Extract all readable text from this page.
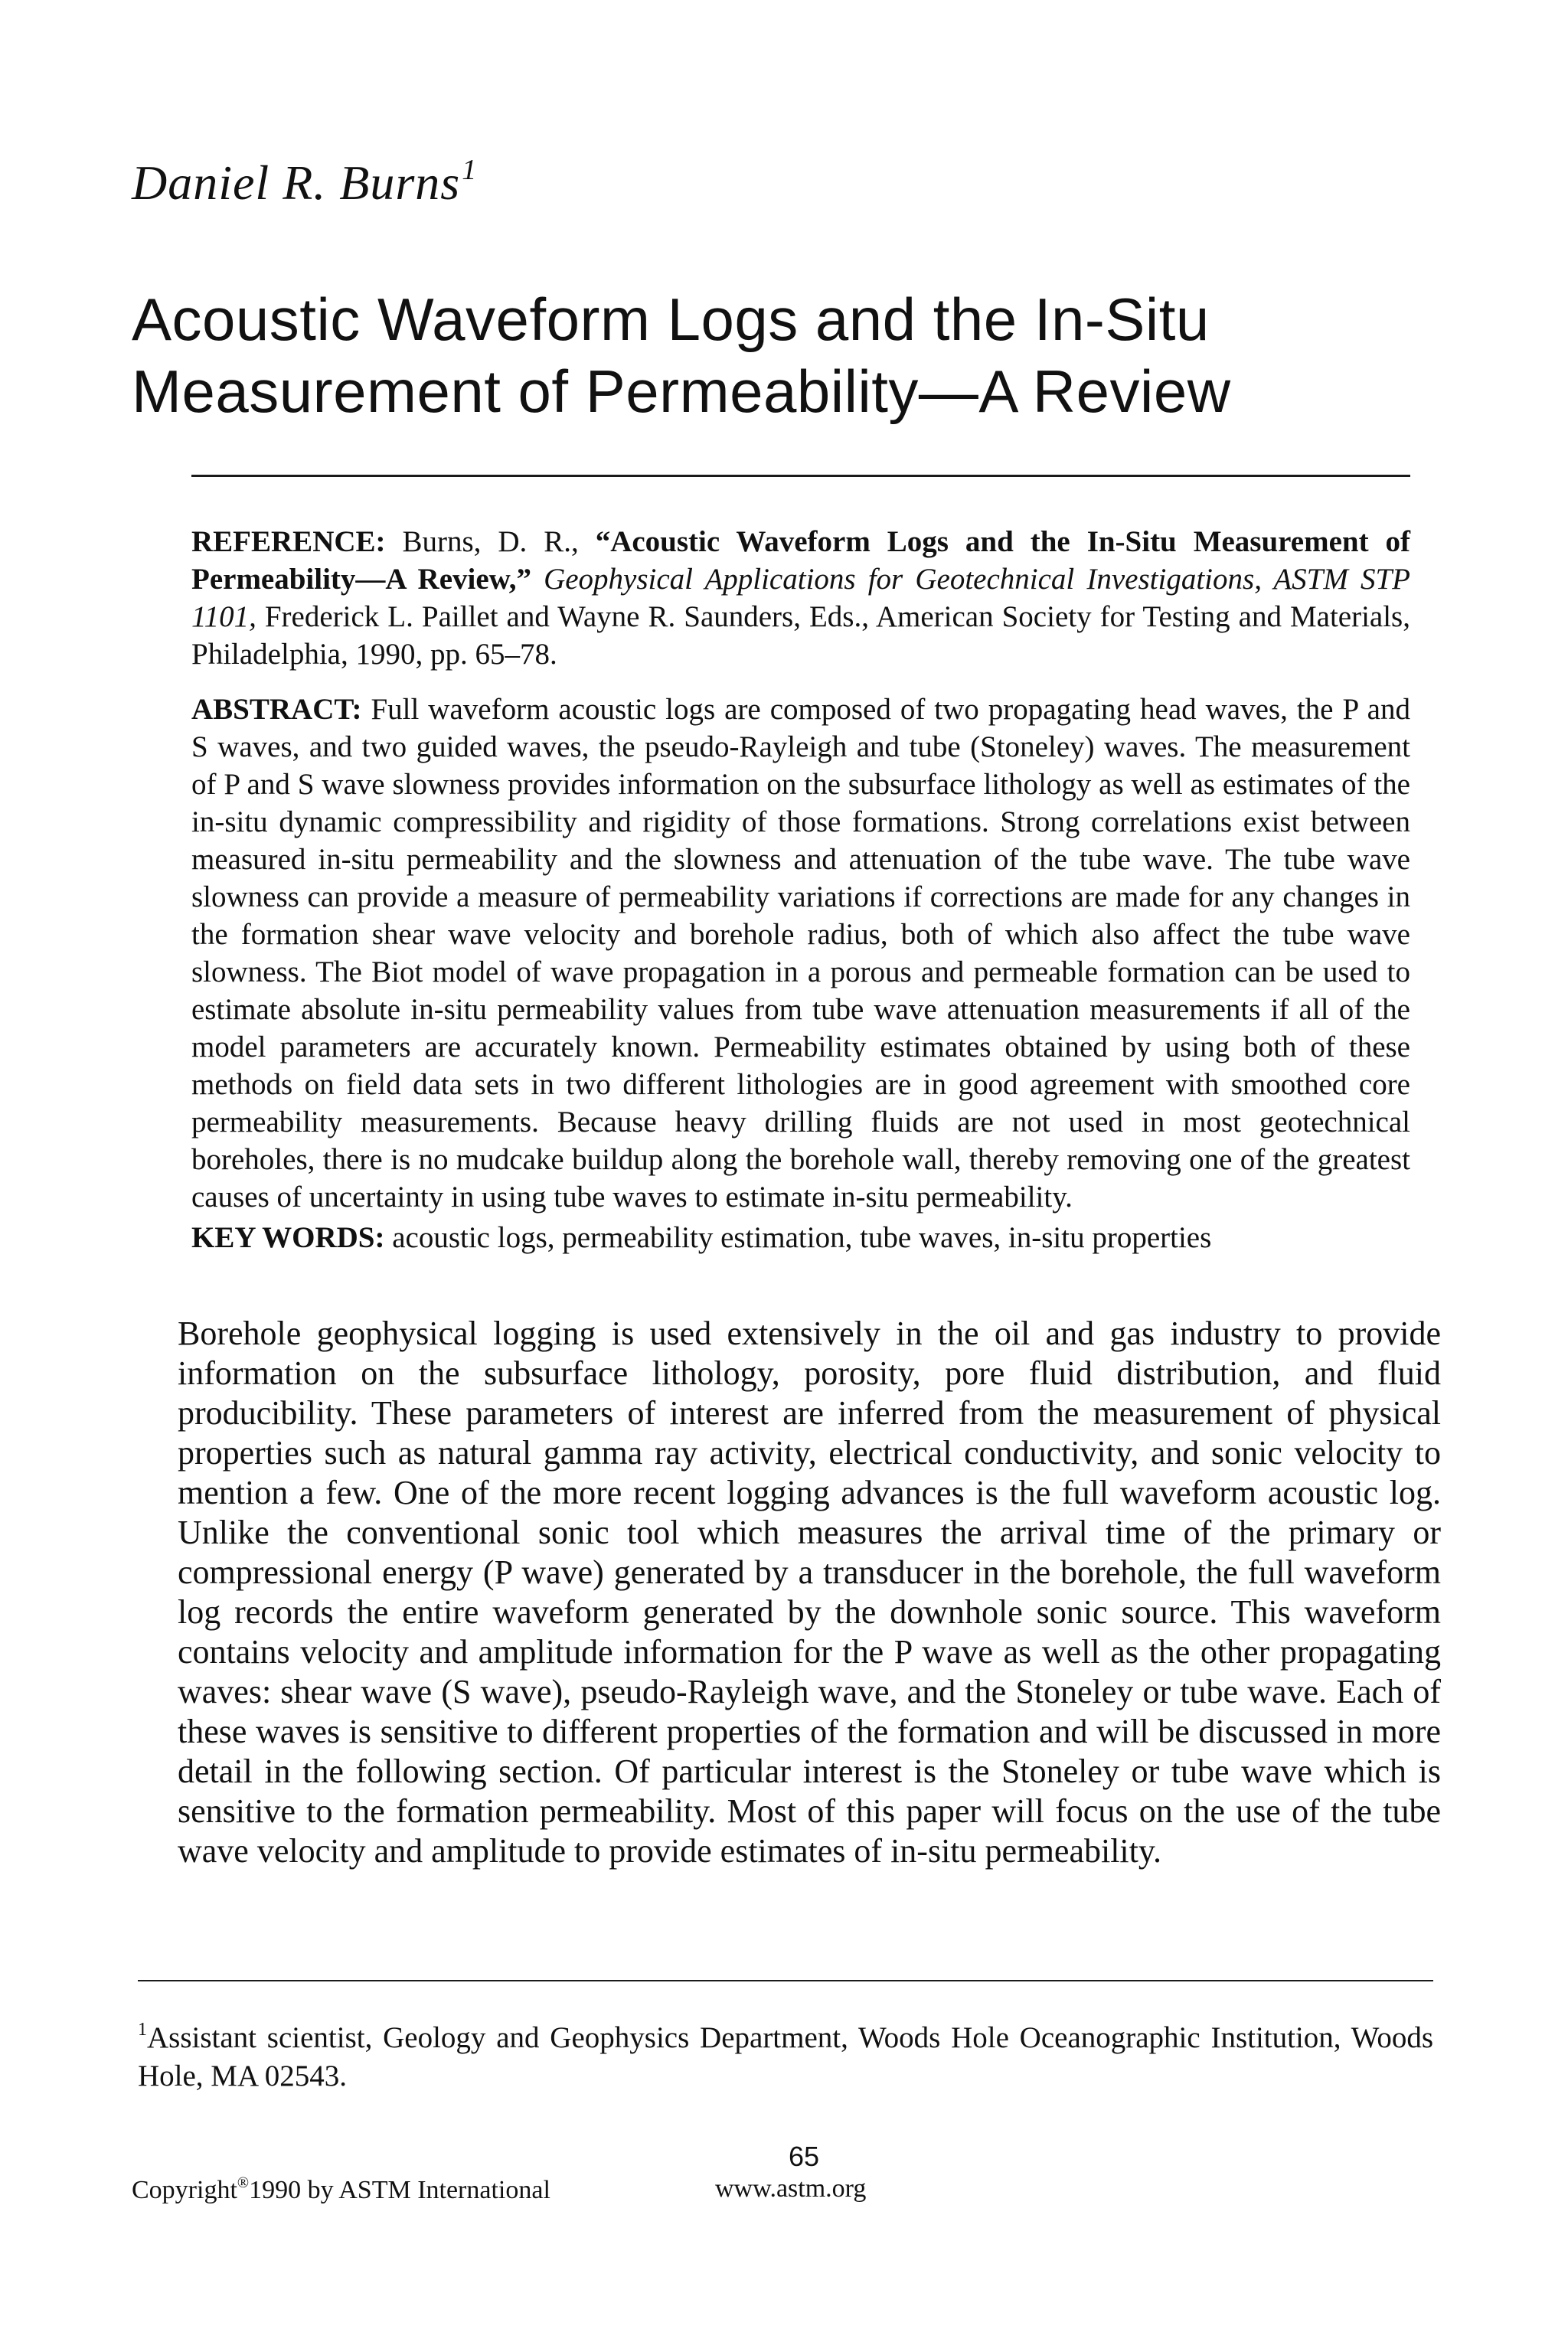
Daniel R. Burns$^1$
Acoustic Waveform Logs and the In-Situ
Measurement of Permeability—A Review
REFERENCE: Burns, D. R., “Acoustic Waveform Logs and the In-Situ Measurement of Permeability—A Review,” Geophysical Applications for Geotechnical Investigations, ASTM STP 1101, Frederick L. Paillet and Wayne R. Saunders, Eds., American Society for Testing and Materials, Philadelphia, 1990, pp. 65–78.
ABSTRACT: Full waveform acoustic logs are composed of two propagating head waves, the P and S waves, and two guided waves, the pseudo-Rayleigh and tube (Stoneley) waves. The measurement of P and S wave slowness provides information on the subsurface lithology as well as estimates of the in-situ dynamic compressibility and rigidity of those formations. Strong correlations exist between measured in-situ permeability and the slowness and attenuation of the tube wave. The tube wave slowness can provide a measure of permeability variations if corrections are made for any changes in the formation shear wave velocity and borehole radius, both of which also affect the tube wave slowness. The Biot model of wave propagation in a porous and permeable formation can be used to estimate absolute in-situ permeability values from tube wave attenuation measurements if all of the model parameters are accurately known. Permeability estimates obtained by using both of these methods on field data sets in two different lithologies are in good agreement with smoothed core permeability measurements. Because heavy drilling fluids are not used in most geotechnical boreholes, there is no mudcake buildup along the borehole wall, thereby removing one of the greatest causes of uncertainty in using tube waves to estimate in-situ permeability.
KEY WORDS: acoustic logs, permeability estimation, tube waves, in-situ properties
Borehole geophysical logging is used extensively in the oil and gas industry to provide information on the subsurface lithology, porosity, pore fluid distribution, and fluid producibility. These parameters of interest are inferred from the measurement of physical properties such as natural gamma ray activity, electrical conductivity, and sonic velocity to mention a few. One of the more recent logging advances is the full waveform acoustic log. Unlike the conventional sonic tool which measures the arrival time of the primary or compressional energy (P wave) generated by a transducer in the borehole, the full waveform log records the entire waveform generated by the downhole sonic source. This waveform contains velocity and amplitude information for the P wave as well as the other propagating waves: shear wave (S wave), pseudo-Rayleigh wave, and the Stoneley or tube wave. Each of these waves is sensitive to different properties of the formation and will be discussed in more detail in the following section. Of particular interest is the Stoneley or tube wave which is sensitive to the formation permeability. Most of this paper will focus on the use of the tube wave velocity and amplitude to provide estimates of in-situ permeability.
$^1$Assistant scientist, Geology and Geophysics Department, Woods Hole Oceanographic Institution, Woods Hole, MA 02543.
65
Copyright®1990 by ASTM International	www.astm.org
